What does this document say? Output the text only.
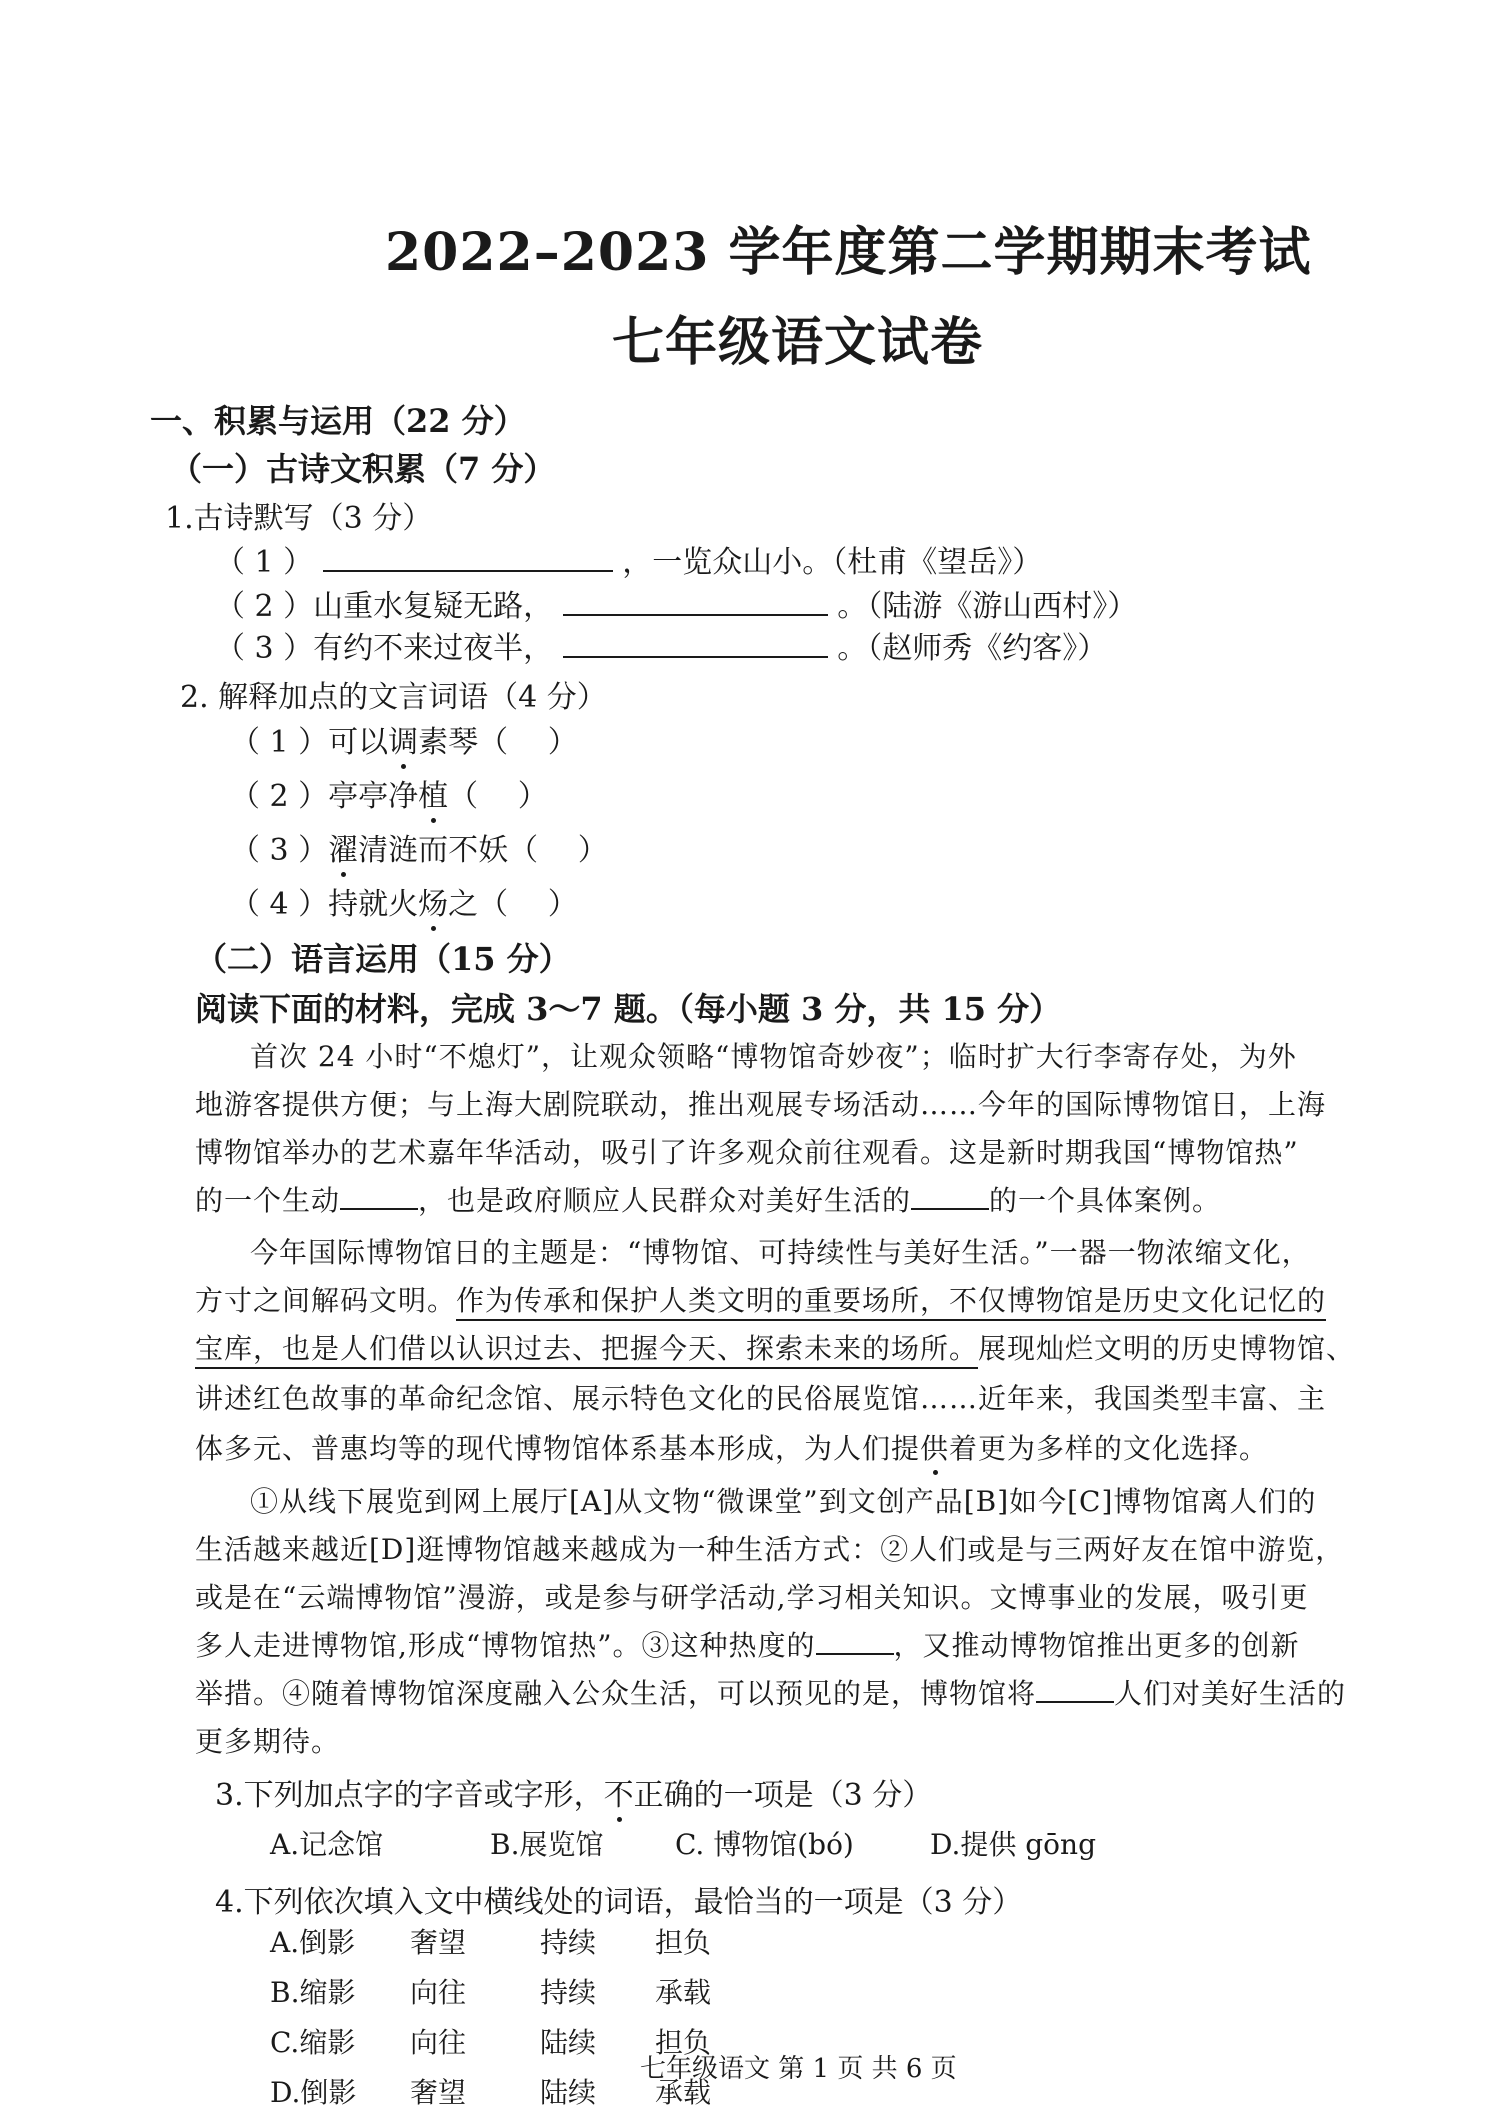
2022–2023 学年度第二学期期末考试
七年级语文试卷
一、积累与运用（22 分）
（一）古诗文积累（7 分）
1.古诗默写（3 分）
（ 1 ）	，一览众山小。（杜甫《望岳》）
（ 2 ）山重水复疑无路，	。（陆游《游山西村》）
（ 3 ）有约不来过夜半，	。（赵师秀《约客》）
2. 解释加点的文言词语（4 分）
（ 1 ）可以调素琴（　 ）
（ 2 ）亭亭净植（　 ）
（ 3 ）濯清涟而不妖（　 ）
（ 4 ）持就火炀之（　 ）
（二）语言运用（15 分）
阅读下面的材料，完成 3～7 题。（每小题 3 分，共 15 分）
首次 24 小时“不熄灯”，让观众领略“博物馆奇妙夜”；临时扩大行李寄存处，为外
地游客提供方便；与上海大剧院联动，推出观展专场活动……今年的国际博物馆日，上海
博物馆举办的艺术嘉年华活动，吸引了许多观众前往观看。这是新时期我国“博物馆热”
的一个生动	，也是政府顺应人民群众对美好生活的	的一个具体案例。
今年国际博物馆日的主题是：“博物馆、可持续性与美好生活。”一器一物浓缩文化，
方寸之间解码文明。作为传承和保护人类文明的重要场所，不仅博物馆是历史文化记忆的
宝库，也是人们借以认识过去、把握今天、探索未来的场所。展现灿烂文明的历史博物馆、
讲述红色故事的革命纪念馆、展示特色文化的民俗展览馆……近年来，我国类型丰富、主
体多元、普惠均等的现代博物馆体系基本形成，为人们提供着更为多样的文化选择。
①从线下展览到网上展厅[A]从文物“微课堂”到文创产品[B]如今[C]博物馆离人们的
生活越来越近[D]逛博物馆越来越成为一种生活方式：②人们或是与三两好友在馆中游览，
或是在“云端博物馆”漫游，或是参与研学活动,学习相关知识。文博事业的发展，吸引更
多人走进博物馆,形成“博物馆热”。③这种热度的	，又推动博物馆推出更多的创新
举措。④随着博物馆深度融入公众生活，可以预见的是，博物馆将	人们对美好生活的
更多期待。
3.下列加点字的字音或字形，不正确的一项是（3 分）
A.记念馆	B.展览馆	C. 博物馆(bó)	D.提供 gōng
4.下列依次填入文中横线处的词语，最恰当的一项是（3 分）
A.倒影	奢望	持续	担负
B.缩影	向往	持续	承载
C.缩影	向往	陆续	担负
D.倒影	奢望	陆续	承载
七年级语文 第 1 页 共 6 页
